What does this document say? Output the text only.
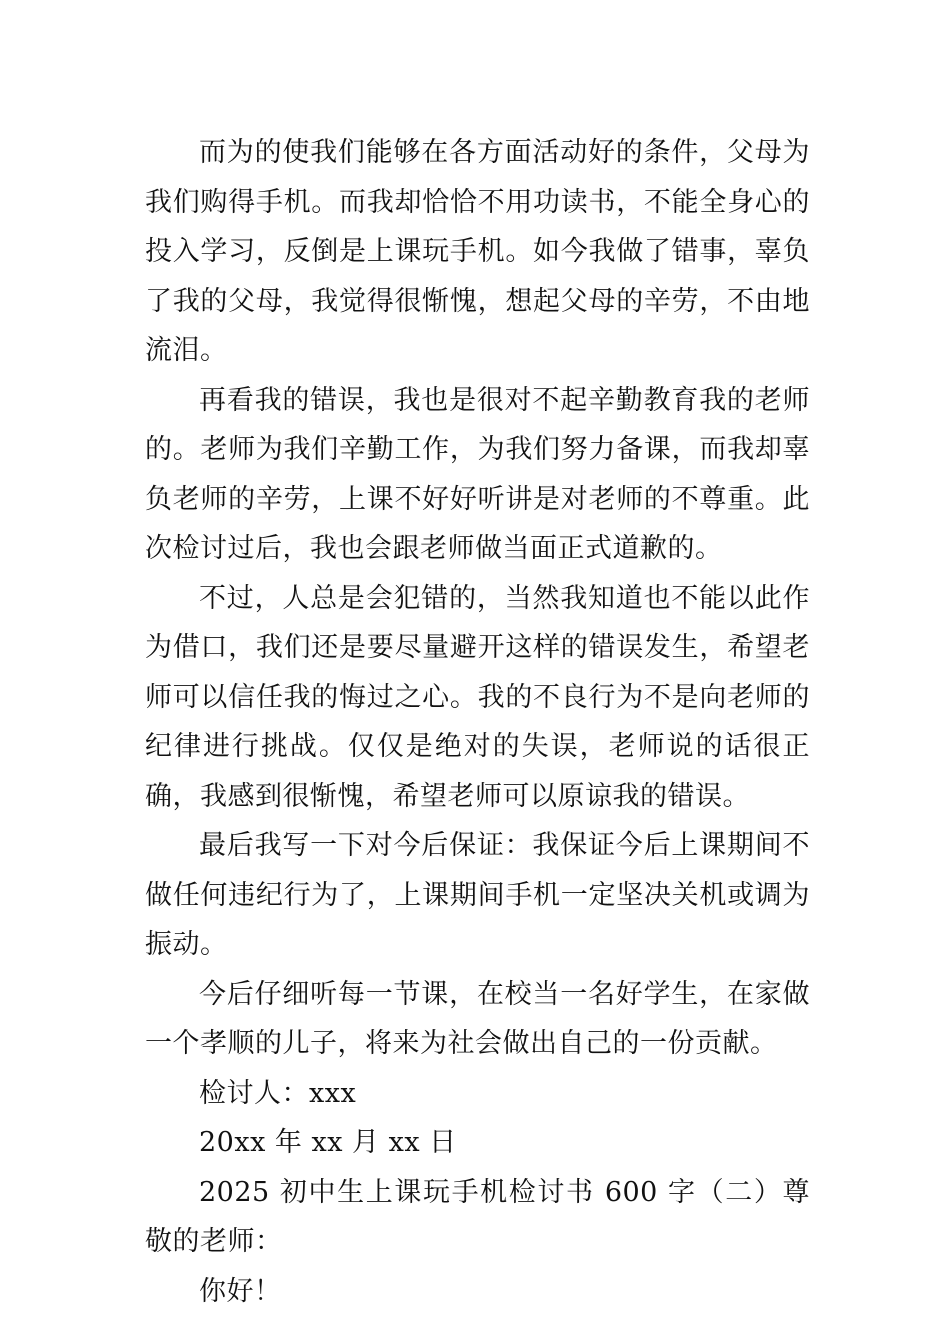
而为的使我们能够在各方面活动好的条件，父母为我们购得手机。而我却恰恰不用功读书，不能全身心的投入学习，反倒是上课玩手机。如今我做了错事，辜负了我的父母，我觉得很惭愧，想起父母的辛劳，不由地流泪。

再看我的错误，我也是很对不起辛勤教育我的老师的。老师为我们辛勤工作，为我们努力备课，而我却辜负老师的辛劳，上课不好好听讲是对老师的不尊重。此次检讨过后，我也会跟老师做当面正式道歉的。

不过，人总是会犯错的，当然我知道也不能以此作为借口，我们还是要尽量避开这样的错误发生，希望老师可以信任我的悔过之心。我的不良行为不是向老师的纪律进行挑战。仅仅是绝对的失误，老师说的话很正确，我感到很惭愧，希望老师可以原谅我的错误。

最后我写一下对今后保证：我保证今后上课期间不做任何违纪行为了，上课期间手机一定坚决关机或调为振动。

今后仔细听每一节课，在校当一名好学生，在家做一个孝顺的儿子，将来为社会做出自己的一份贡献。

检讨人：xxx

20xx 年 xx 月 xx 日

2025 初中生上课玩手机检讨书 600 字（二）尊敬的老师：

你好！
